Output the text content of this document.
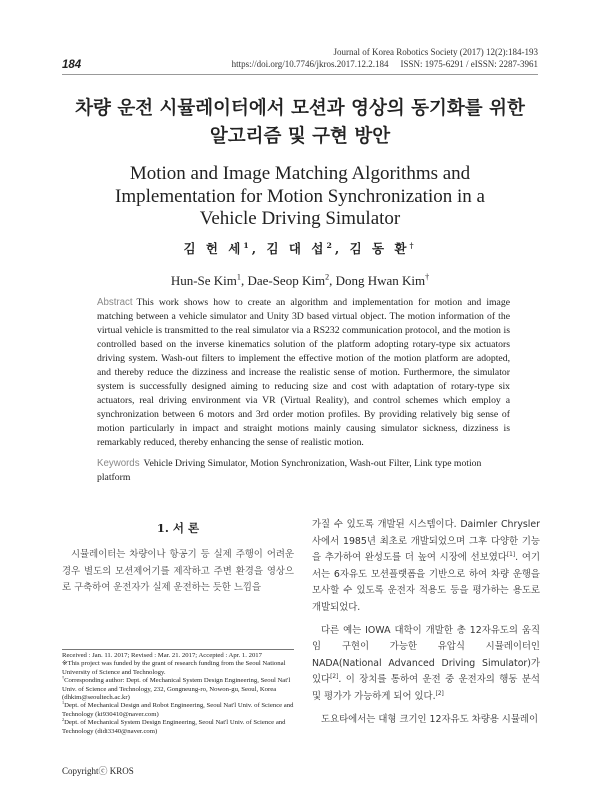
Journal of Korea Robotics Society (2017) 12(2):184-193
184	https://doi.org/10.7746/jkros.2017.12.2.184 ISSN: 1975-6291 / eISSN: 2287-3961
차량 운전 시뮬레이터에서 모션과 영상의 동기화를 위한
알고리즘 및 구현 방안
Motion and Image Matching Algorithms and
Implementation for Motion Synchronization in a
Vehicle Driving Simulator
김 헌 세$^1$, 김 대 섭$^2$, 김 동 환†
Hun-Se Kim$^1$, Dae-Seop Kim$^2$, Dong Hwan Kim†
Abstract This work shows how to create an algorithm and implementation for motion and image matching between a vehicle simulator and Unity 3D based virtual object. The motion information of the virtual vehicle is transmitted to the real simulator via a RS232 communication protocol, and the motion is controlled based on the inverse kinematics solution of the platform adopting rotary-type six actuators driving system. Wash-out filters to implement the effective motion of the motion platform are adopted, and thereby reduce the dizziness and increase the realistic sense of motion. Furthermore, the simulator system is successfully designed aiming to reducing size and cost with adaptation of rotary-type six actuators, real driving environment via VR (Virtual Reality), and control schemes which employ a synchronization between 6 motors and 3rd order motion profiles. By providing relatively big sense of motion particularly in impact and straight motions mainly causing simulator sickness, dizziness is remarkably reduced, thereby enhancing the sense of realistic motion.
Keywords Vehicle Driving Simulator, Motion Synchronization, Wash-out Filter, Link type motion platform
1. 서 론
시뮬레이터는 차량이나 항공기 등 실제 주행이 어려운 경우 별도의 모션제어기를 제작하고 주변 환경을 영상으로 구축하여 운전자가 실제 운전하는 듯한 느낌을

가질 수 있도록 개발된 시스템이다. Daimler Chrysler사에서 1985년 최초로 개발되었으며 그후 다양한 기능을 추가하여 완성도를 더 높여 시장에 선보였다[1]. 여기서는 6자유도 모션플랫폼을 기반으로 하여 차량 운행을 모사할 수 있도록 운전자 적용도 등을 평가하는 용도로 개발되었다.

다른 예는 IOWA 대학이 개발한 총 12자유도의 움직임 구현이 가능한 유압식 시뮬레이터인 NADA(National Advanced Driving Simulator)가 있다[2]. 이 장치를 통하여 운전 중 운전자의 행동 분석 및 평가가 가능하게 되어 있다.[2]

도요타에서는 대형 크기인 12자유도 차량용 시뮬레이

Received : Jan. 11. 2017; Revised : Mar. 21. 2017; Accepted : Apr. 1. 2017

※This project was funded by the grant of research funding from the Seoul National University of Science and Technology.

†Corresponding author: Dept. of Mechanical System Design Engineering, Seoul Nat'l Univ. of Science and Technology, 232, Gongneung-ro, Nowon-gu, Seoul, Korea (dhkim@seoultech.ac.kr)

$^1$Dept. of Mechanical Design and Robot Engineering, Seoul Nat'l Univ. of Science and Technology (ki930410@naver.com)

$^2$Dept. of Mechanical System Design Engineering, Seoul Nat'l Univ. of Science and Technology (didi3340@naver.com)

Copyrightⓒ KROS
